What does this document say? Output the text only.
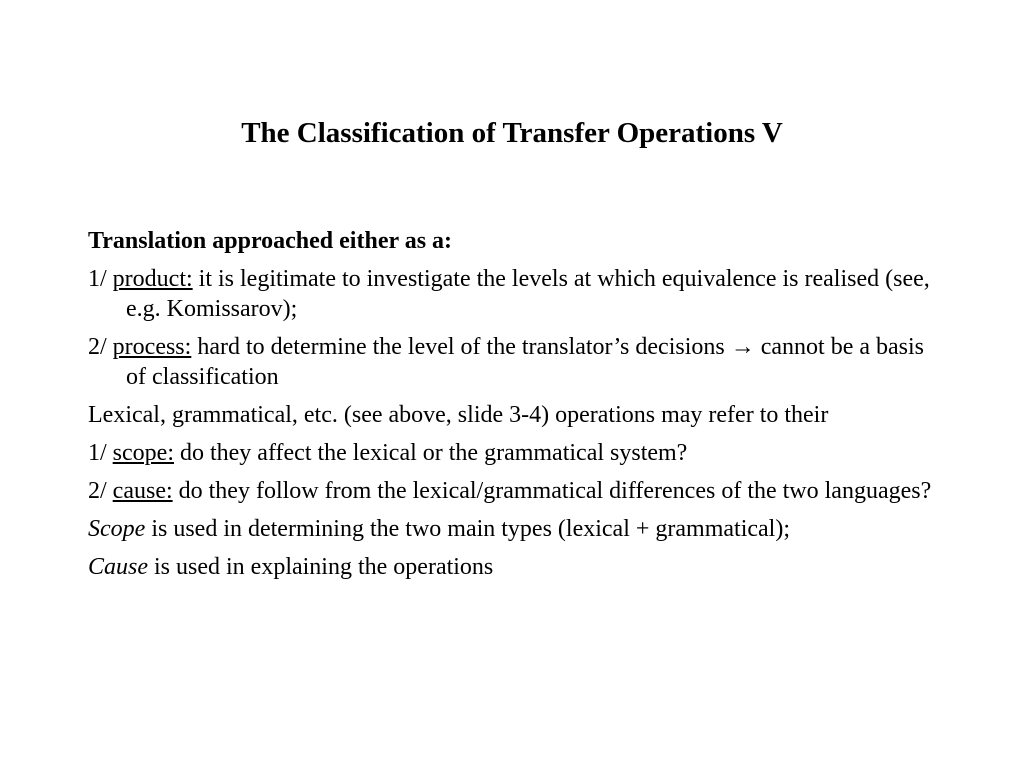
The Classification of Transfer Operations V

Translation approached either as a:

1/ product: it is legitimate to investigate the levels at which equivalence is realised (see, e.g. Komissarov);

2/ process: hard to determine the level of the translator’s decisions → cannot be a basis of classification

Lexical, grammatical, etc. (see above, slide 3-4) operations may refer to their

1/ scope: do they affect the lexical or the grammatical system?

2/ cause: do they follow from the lexical/grammatical differences of the two languages?

Scope is used in determining the two main types (lexical + grammatical);

Cause is used in explaining the operations
